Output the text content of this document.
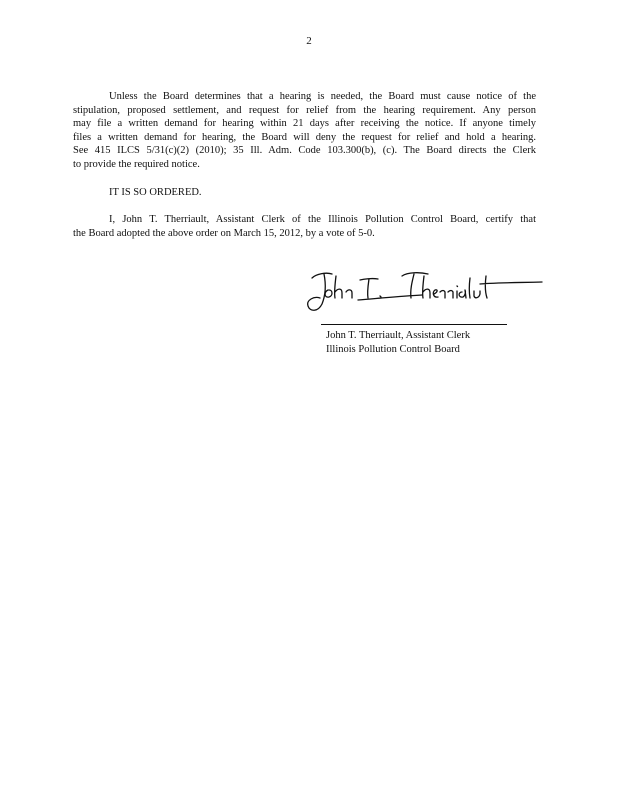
2
Unless the Board determines that a hearing is needed, the Board must cause notice of the
stipulation, proposed settlement, and request for relief from the hearing requirement. Any person
may file a written demand for hearing within 21 days after receiving the notice. If anyone timely
files a written demand for hearing, the Board will deny the request for relief and hold a hearing.
See 415 ILCS 5/31(c)(2) (2010); 35 Ill. Adm. Code 103.300(b), (c). The Board directs the Clerk
to provide the required notice.
IT IS SO ORDERED.
I, John T. Therriault, Assistant Clerk of the Illinois Pollution Control Board, certify that
the Board adopted the above order on March 15, 2012, by a vote of 5-0.
John T. Therriault, Assistant Clerk
Illinois Pollution Control Board
